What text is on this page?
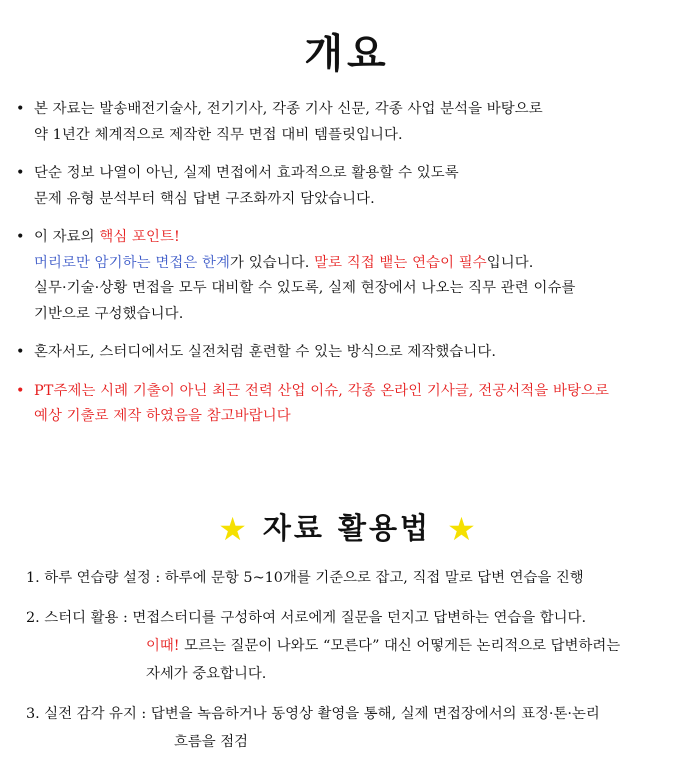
개요
• 본 자료는 발송배전기술사, 전기기사, 각종 기사 신문, 각종 사업 분석을 바탕으로
약 1년간 체계적으로 제작한 직무 면접 대비 템플릿입니다.
• 단순 정보 나열이 아닌, 실제 면접에서 효과적으로 활용할 수 있도록
문제 유형 분석부터 핵심 답변 구조화까지 담았습니다.
• 이 자료의 핵심 포인트!
머리로만 암기하는 면접은 한계가 있습니다. 말로 직접 뱉는 연습이 필수입니다.
실무·기술·상황 면접을 모두 대비할 수 있도록, 실제 현장에서 나오는 직무 관련 이슈를
기반으로 구성했습니다.
• 혼자서도, 스터디에서도 실전처럼 훈련할 수 있는 방식으로 제작했습니다.
• PT주제는 시례 기출이 아닌 최근 전력 산업 이슈, 각종 온라인 기사글, 전공서적을 바탕으로
예상 기출로 제작 하였음을 참고바랍니다
★ 자료 활용법 ★
1. 하루 연습량 설정 : 하루에 문항 5~10개를 기준으로 잡고, 직접 말로 답변 연습을 진행
2. 스터디 활용 : 면접스터디를 구성하여 서로에게 질문을 던지고 답변하는 연습을 합니다.
이때! 모르는 질문이 나와도 “모른다” 대신 어떻게든 논리적으로 답변하려는
자세가 중요합니다.
3. 실전 감각 유지 : 답변을 녹음하거나 동영상 촬영을 통해, 실제 면접장에서의 표정·톤·논리
흐름을 점검
